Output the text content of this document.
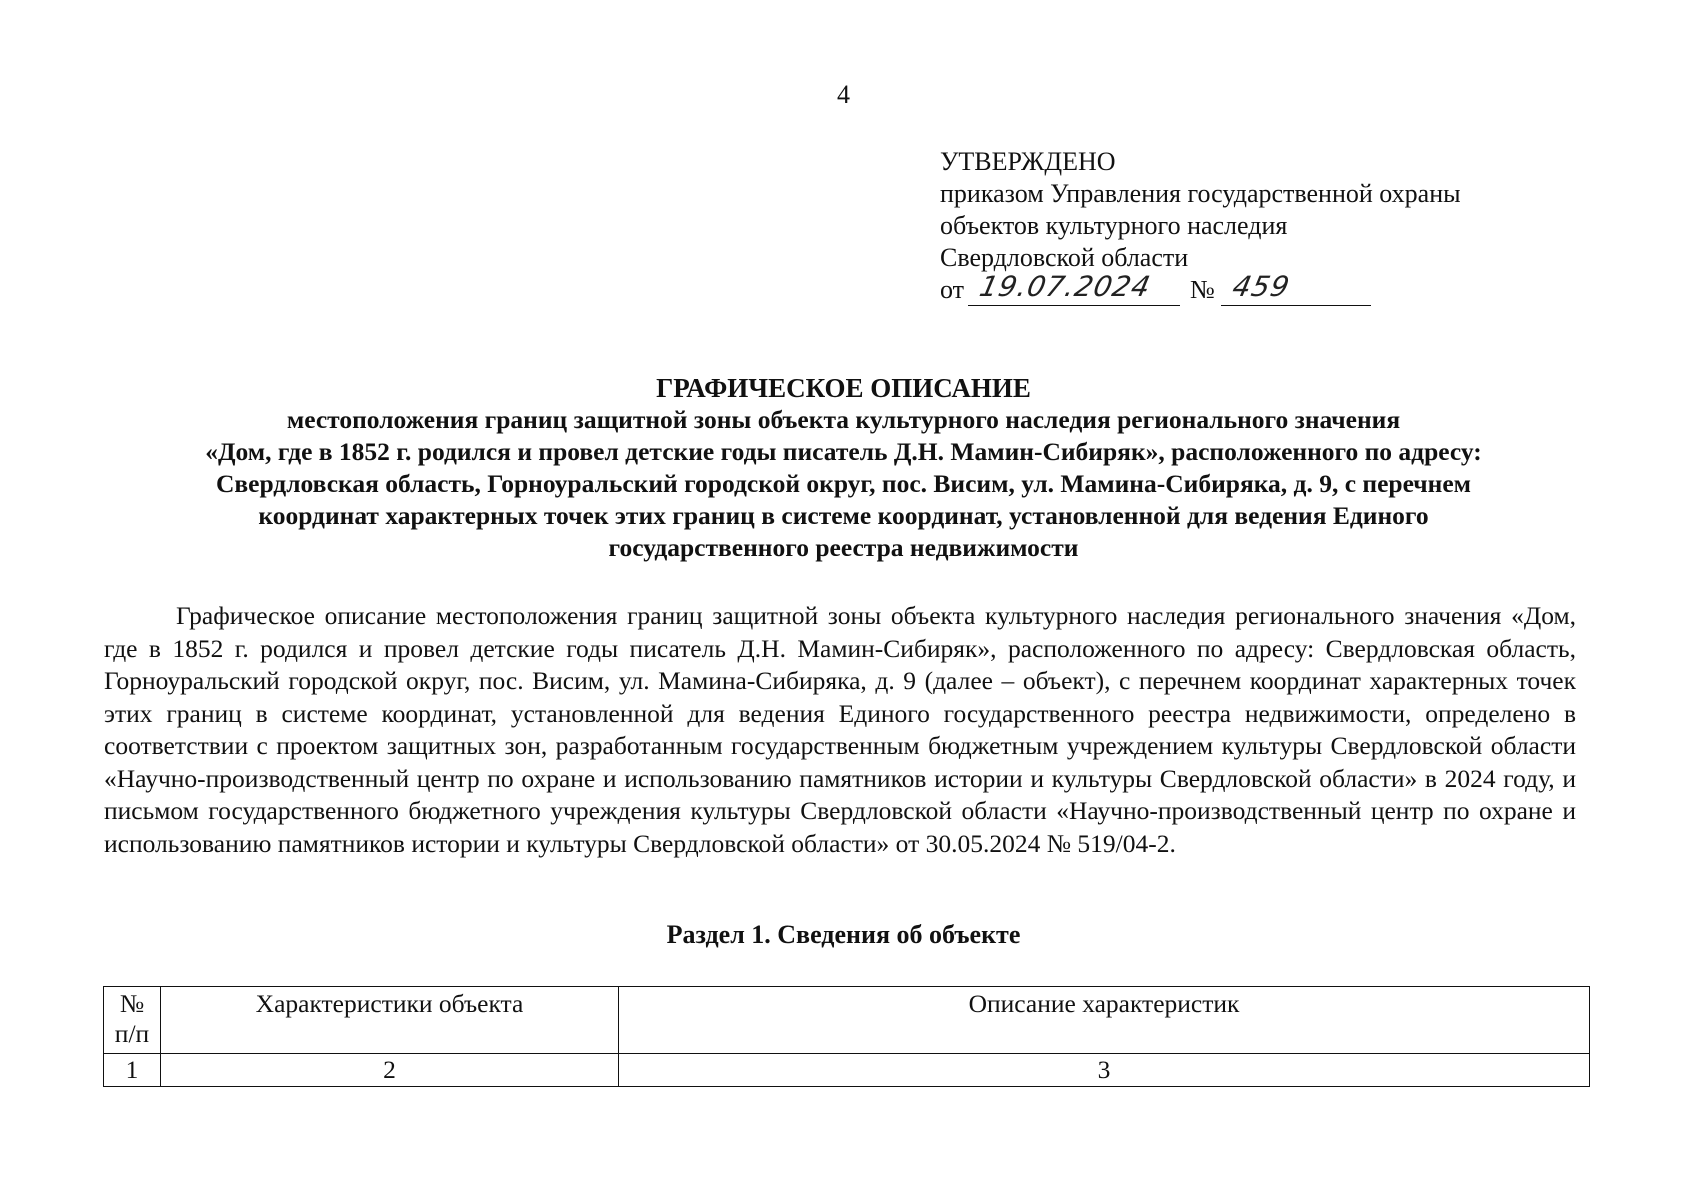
4
УТВЕРЖДЕНО
приказом Управления государственной охраны
объектов культурного наследия
Свердловской области
от 19.07.2024 № 459
ГРАФИЧЕСКОЕ ОПИСАНИЕ
местоположения границ защитной зоны объекта культурного наследия регионального значения
«Дом, где в 1852 г. родился и провел детские годы писатель Д.Н. Мамин-Сибиряк», расположенного по адресу:
Свердловская область, Горноуральский городской округ, пос. Висим, ул. Мамина-Сибиряка, д. 9, с перечнем
координат характерных точек этих границ в системе координат, установленной для ведения Единого
государственного реестра недвижимости
Графическое описание местоположения границ защитной зоны объекта культурного наследия регионального значения «Дом, где в 1852 г. родился и провел детские годы писатель Д.Н. Мамин-Сибиряк», расположенного по адресу: Свердловская область, Горноуральский городской округ, пос. Висим, ул. Мамина-Сибиряка, д. 9 (далее – объект), с перечнем координат характерных точек этих границ в системе координат, установленной для ведения Единого государственного реестра недвижимости, определено в соответствии с проектом защитных зон, разработанным государственным бюджетным учреждением культуры Свердловской области «Научно-производственный центр по охране и использованию памятников истории и культуры Свердловской области» в 2024 году, и письмом государственного бюджетного учреждения культуры Свердловской области «Научно-производственный центр по охране и использованию памятников истории и культуры Свердловской области» от 30.05.2024 № 519/04-2.
Раздел 1. Сведения об объекте
№
п/п	Характеристики объекта	Описание характеристик
1	2	3
